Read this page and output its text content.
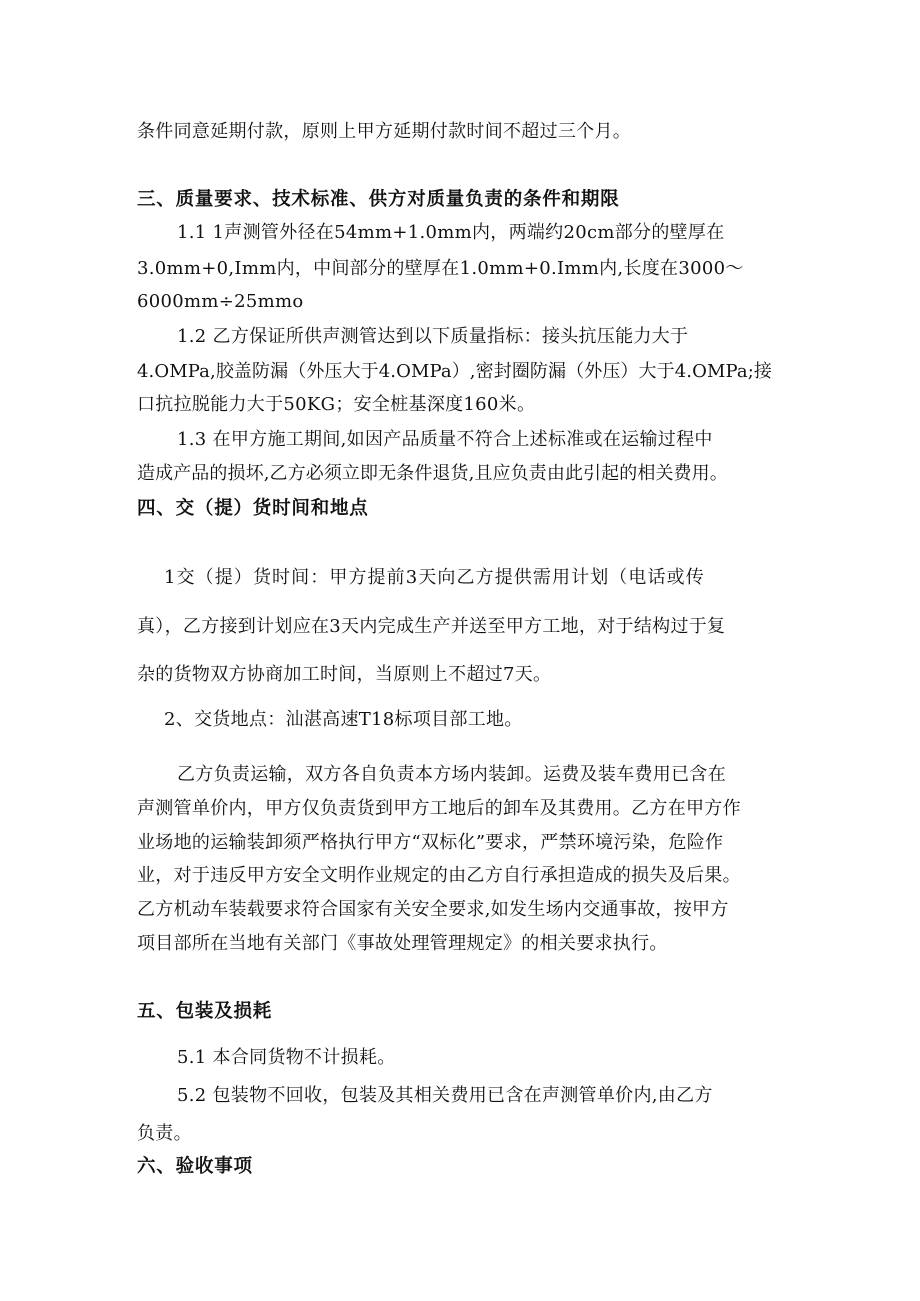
条件同意延期付款，原则上甲方延期付款时间不超过三个月。

三、质量要求、技术标准、供方对质量负责的条件和期限

1.1 1声测管外径在54mm+1.0mm内，两端约20cm部分的壁厚在

3.0mm+0,Imm内，中间部分的壁厚在1.0mm+0.Imm内,长度在3000～

6000mm÷25mmo

1.2 乙方保证所供声测管达到以下质量指标：接头抗压能力大于

4.OMPa,胶盖防漏（外压大于4.OMPa）,密封圈防漏（外压）大于4.OMPa;接

口抗拉脱能力大于50KG；安全桩基深度160米。

1.3 在甲方施工期间,如因产品质量不符合上述标准或在运输过程中

造成产品的损坏,乙方必须立即无条件退货,且应负责由此引起的相关费用。

四、交（提）货时间和地点

1交（提）货时间：甲方提前3天向乙方提供需用计划（电话或传

真），乙方接到计划应在3天内完成生产并送至甲方工地，对于结构过于复

杂的货物双方协商加工时间，当原则上不超过7天。

2、交货地点：汕湛高速T18标项目部工地。

乙方负责运输，双方各自负责本方场内装卸。运费及装车费用已含在

声测管单价内，甲方仅负责货到甲方工地后的卸车及其费用。乙方在甲方作

业场地的运输装卸须严格执行甲方“双标化”要求，严禁环境污染，危险作

业，对于违反甲方安全文明作业规定的由乙方自行承担造成的损失及后果。

乙方机动车装载要求符合国家有关安全要求,如发生场内交通事故，按甲方

项目部所在当地有关部门《事故处理管理规定》的相关要求执行。

五、包装及损耗

5.1 本合同货物不计损耗。

5.2 包装物不回收，包装及其相关费用已含在声测管单价内,由乙方

负责。

六、验收事项
